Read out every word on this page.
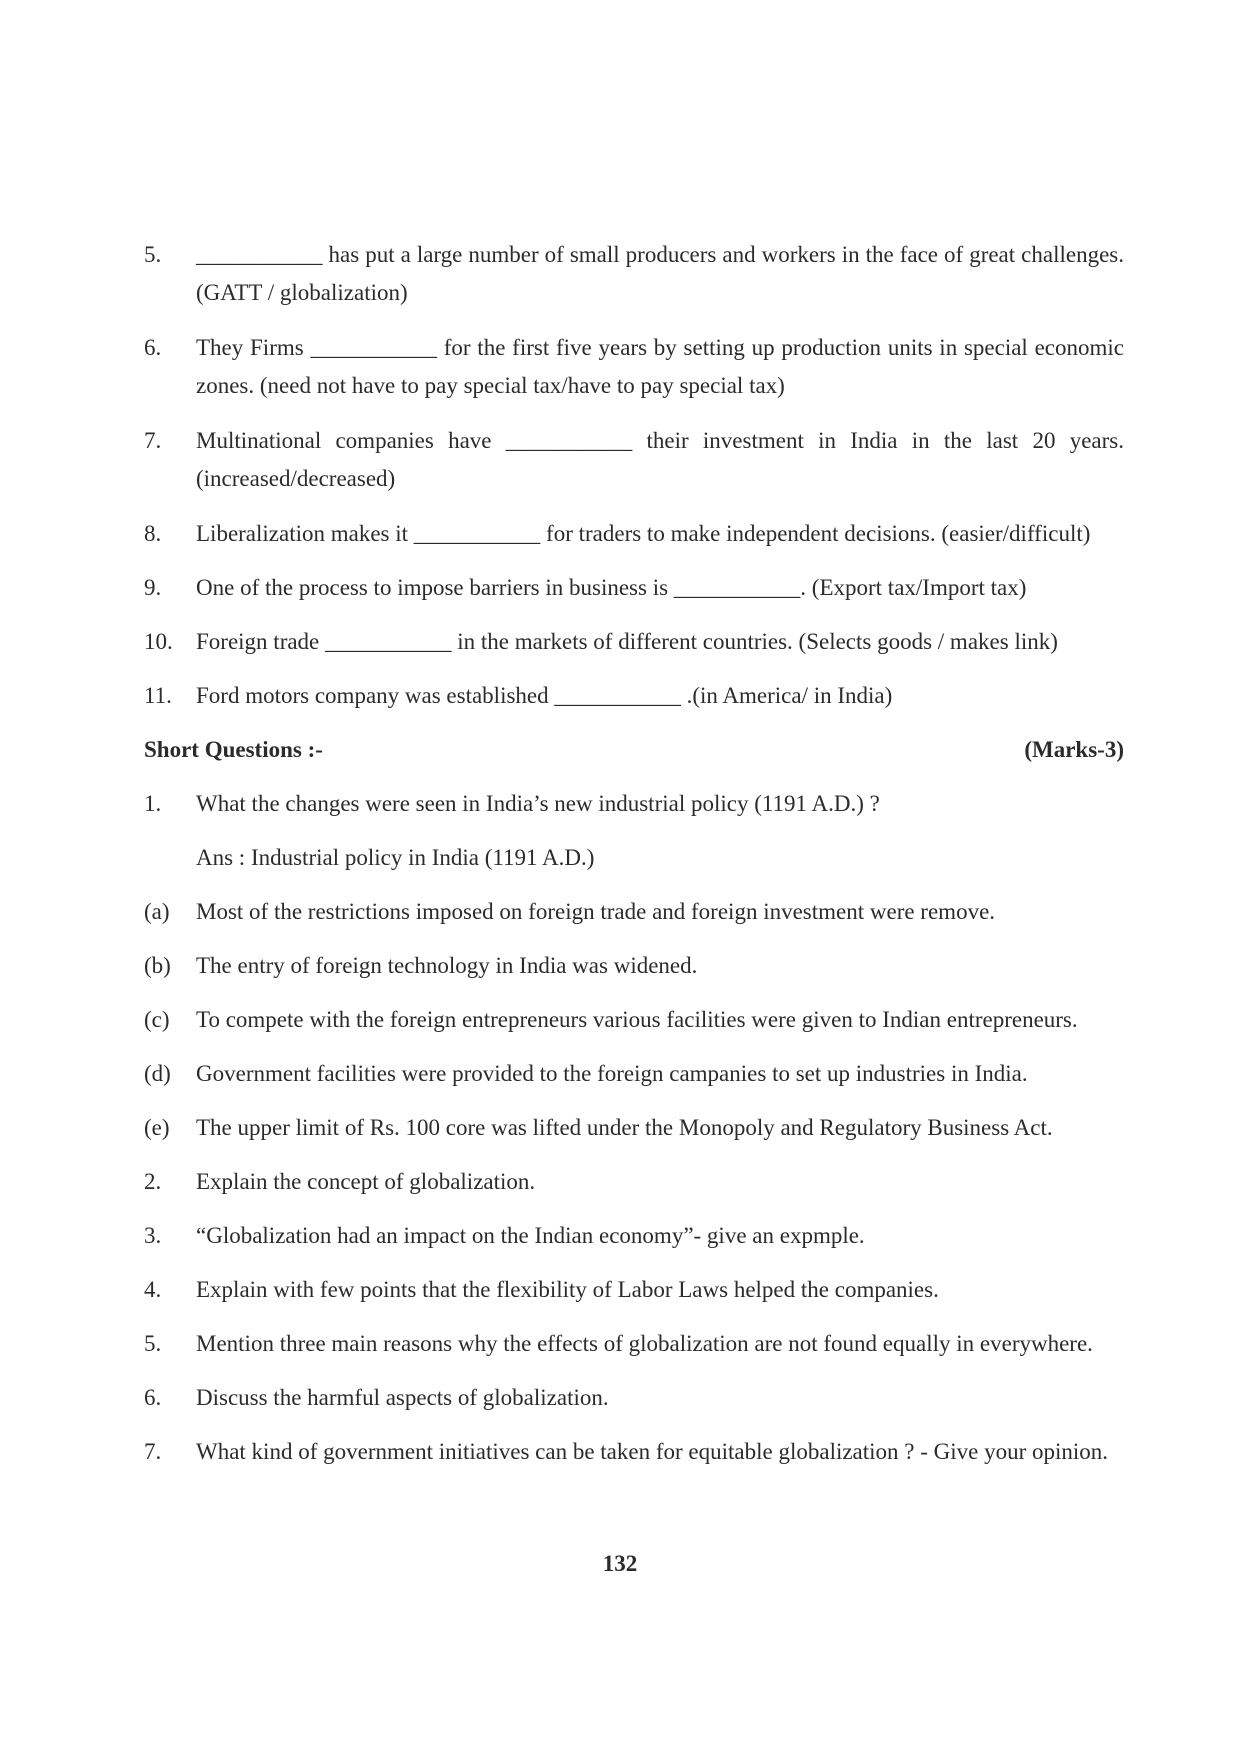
5.	___________ has put a large number of small producers and workers in the face of great challenges. (GATT / globalization)
6.	They Firms ___________ for the first five years by setting up production units in special economic zones. (need not have to pay special tax/have to pay special tax)
7.	Multinational companies have ___________ their investment in India in the last 20 years. (increased/decreased)
8.	Liberalization makes it ___________ for traders to make independent decisions. (easier/difficult)
9.	One of the process to impose barriers in business is ___________. (Export tax/Import tax)
10.	Foreign trade ___________ in the markets of different countries. (Selects goods / makes link)
11.	Ford motors company was established ___________ .(in America/ in India)
Short Questions :-	(Marks-3)
1.	What the changes were seen in India’s new industrial policy (1191 A.D.) ?
Ans : Industrial policy in India (1191 A.D.)
(a)	Most of the restrictions imposed on foreign trade and foreign investment were remove.
(b)	The entry of foreign technology in India was widened.
(c)	To compete with the foreign entrepreneurs various facilities were given to Indian entrepreneurs.
(d)	Government facilities were provided to the foreign campanies to set up industries in India.
(e)	The upper limit of Rs. 100 core was lifted under the Monopoly and Regulatory Business Act.
2.	Explain the concept of globalization.
3.	“Globalization had an impact on the Indian economy”- give an expmple.
4.	Explain with few points that the flexibility of Labor Laws helped the companies.
5.	Mention three main reasons why the effects of globalization are not found equally in everywhere.
6.	Discuss the harmful aspects of globalization.
7.	What kind of government initiatives can be taken for equitable globalization ? - Give your opinion.
132
